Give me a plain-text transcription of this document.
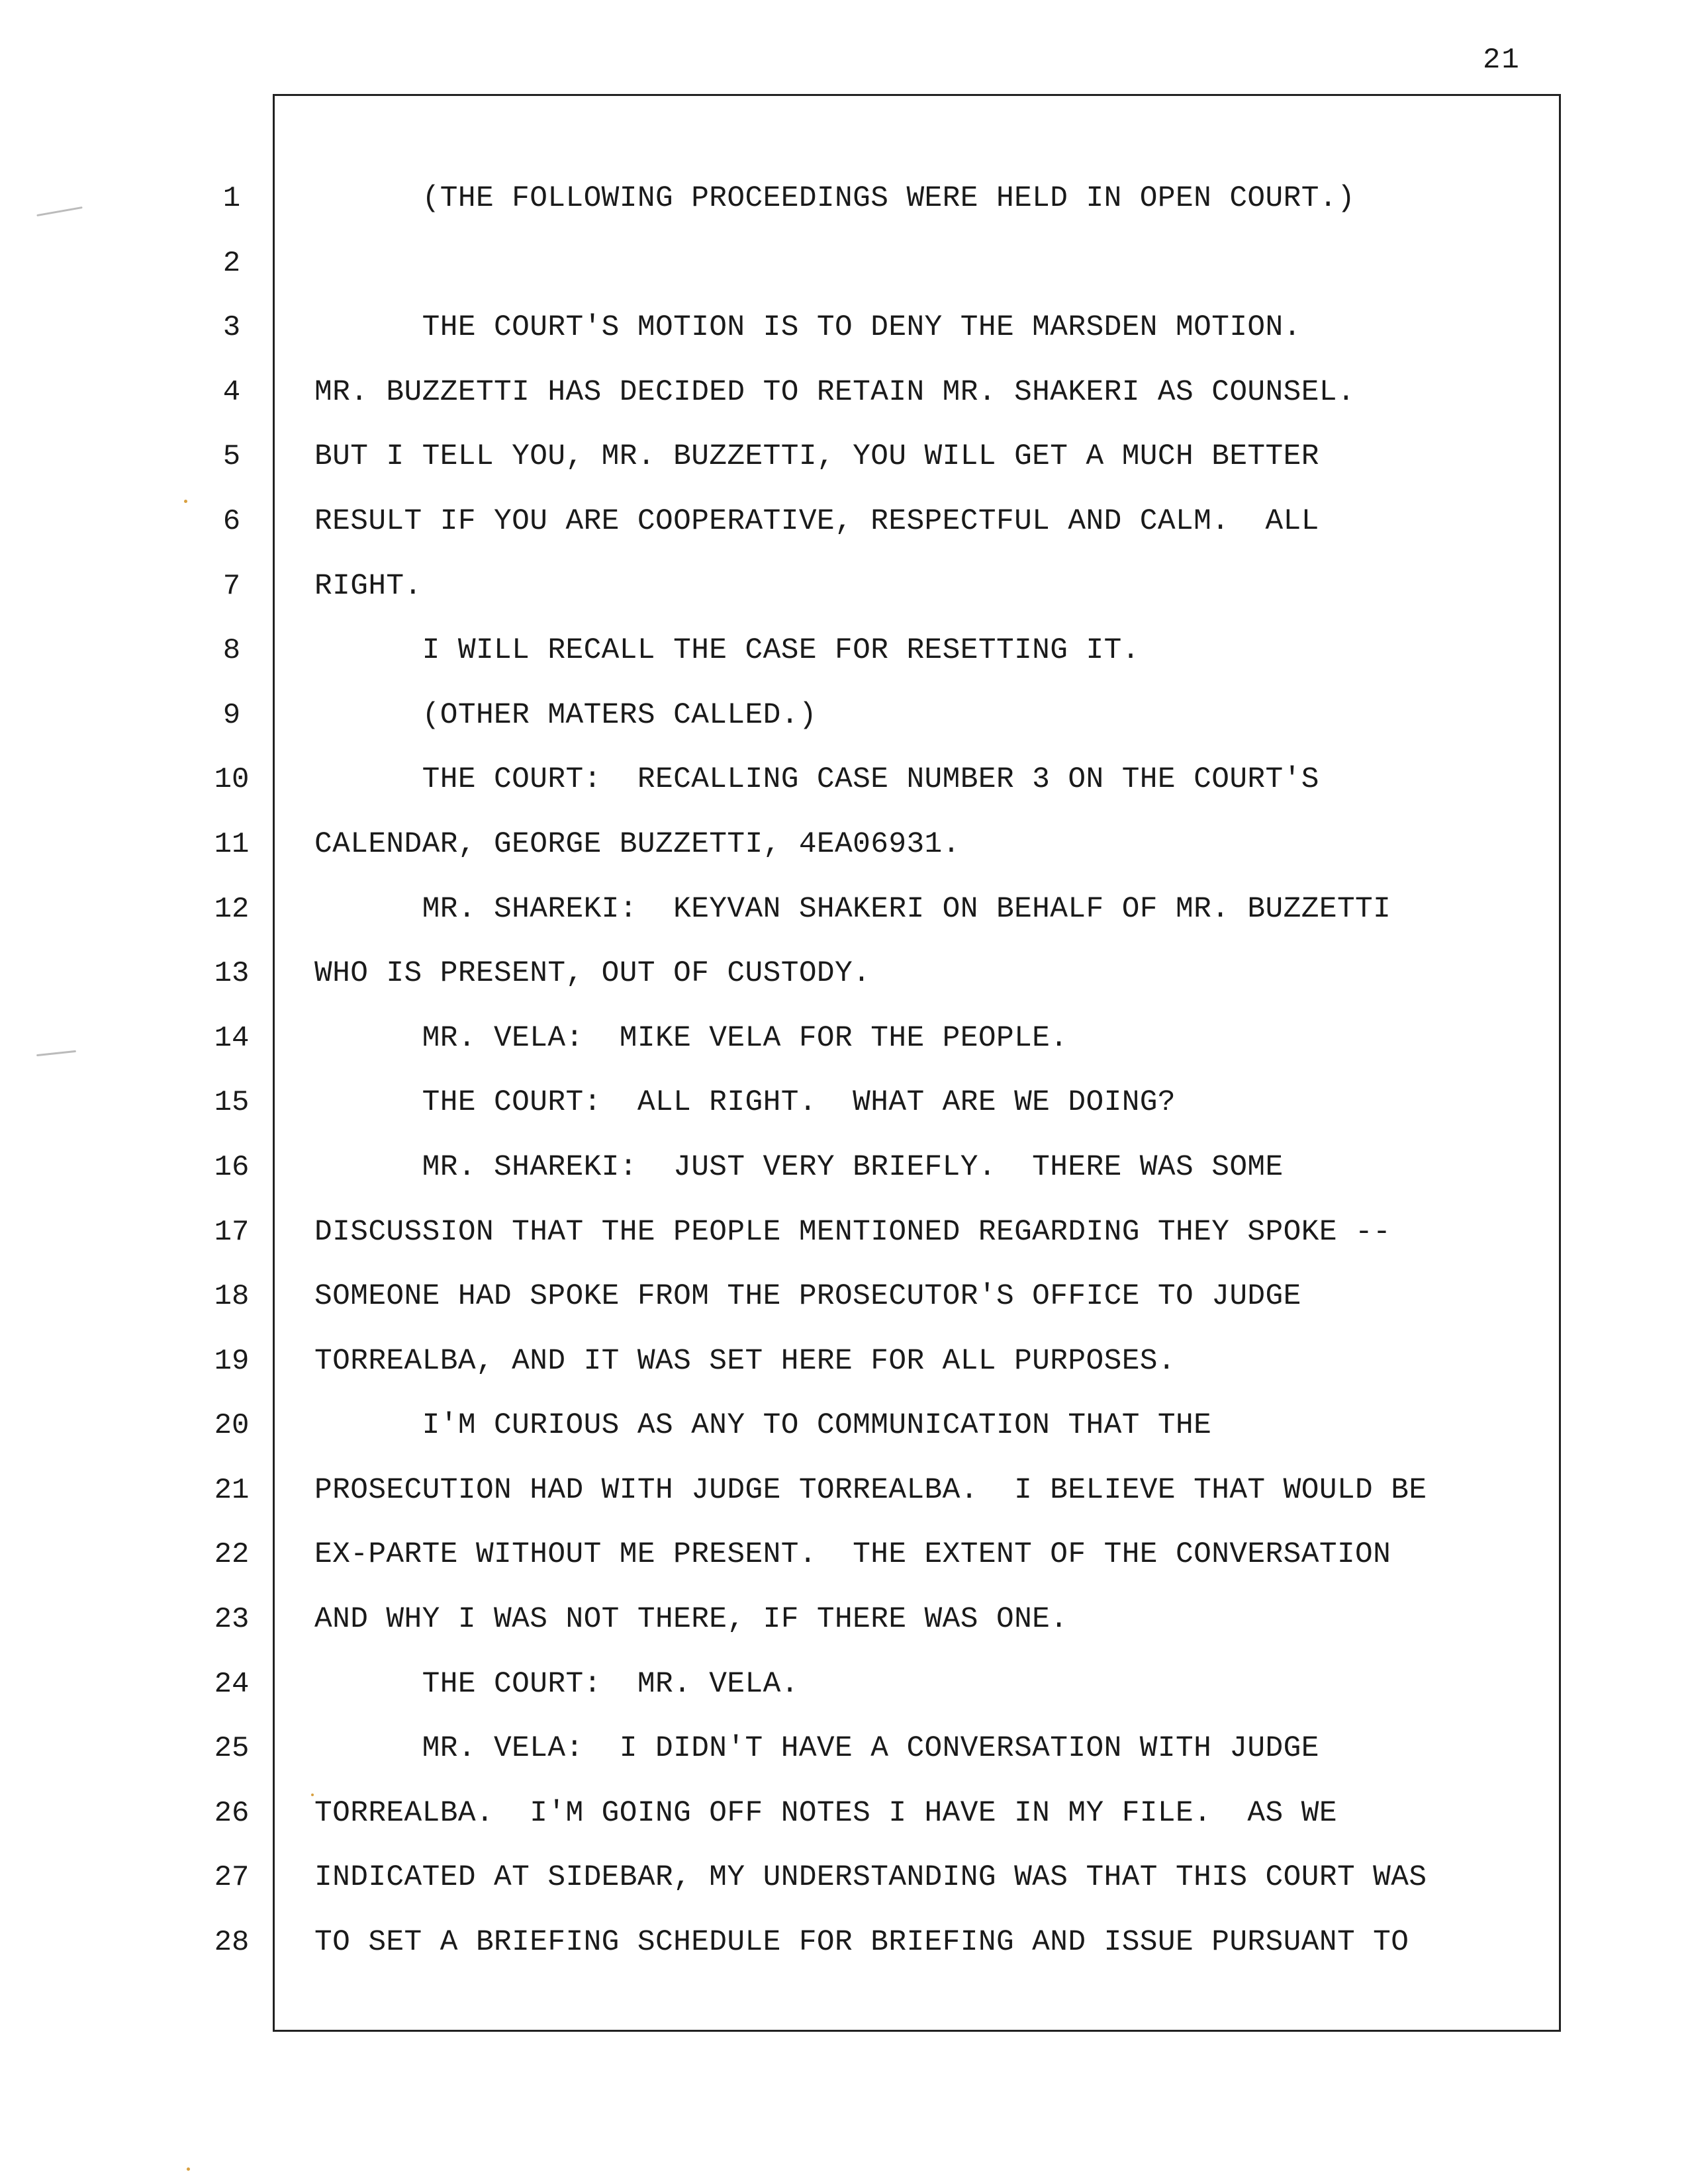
21
1
2
3
4
5
6
7
8
9
10
11
12
13
14
15
16
17
18
19
20
21
22
23
24
25
26
27
28
(THE FOLLOWING PROCEEDINGS WERE HELD IN OPEN COURT.)
THE COURT'S MOTION IS TO DENY THE MARSDEN MOTION.
MR. BUZZETTI HAS DECIDED TO RETAIN MR. SHAKERI AS COUNSEL.
BUT I TELL YOU, MR. BUZZETTI, YOU WILL GET A MUCH BETTER
RESULT IF YOU ARE COOPERATIVE, RESPECTFUL AND CALM.  ALL
RIGHT.
I WILL RECALL THE CASE FOR RESETTING IT.
(OTHER MATERS CALLED.)
THE COURT:  RECALLING CASE NUMBER 3 ON THE COURT'S
CALENDAR, GEORGE BUZZETTI, 4EA06931.
MR. SHAREKI:  KEYVAN SHAKERI ON BEHALF OF MR. BUZZETTI
WHO IS PRESENT, OUT OF CUSTODY.
MR. VELA:  MIKE VELA FOR THE PEOPLE.
THE COURT:  ALL RIGHT.  WHAT ARE WE DOING?
MR. SHAREKI:  JUST VERY BRIEFLY.  THERE WAS SOME
DISCUSSION THAT THE PEOPLE MENTIONED REGARDING THEY SPOKE --
SOMEONE HAD SPOKE FROM THE PROSECUTOR'S OFFICE TO JUDGE
TORREALBA, AND IT WAS SET HERE FOR ALL PURPOSES.
I'M CURIOUS AS ANY TO COMMUNICATION THAT THE
PROSECUTION HAD WITH JUDGE TORREALBA.  I BELIEVE THAT WOULD BE
EX-PARTE WITHOUT ME PRESENT.  THE EXTENT OF THE CONVERSATION
AND WHY I WAS NOT THERE, IF THERE WAS ONE.
THE COURT:  MR. VELA.
MR. VELA:  I DIDN'T HAVE A CONVERSATION WITH JUDGE
TORREALBA.  I'M GOING OFF NOTES I HAVE IN MY FILE.  AS WE
INDICATED AT SIDEBAR, MY UNDERSTANDING WAS THAT THIS COURT WAS
TO SET A BRIEFING SCHEDULE FOR BRIEFING AND ISSUE PURSUANT TO
